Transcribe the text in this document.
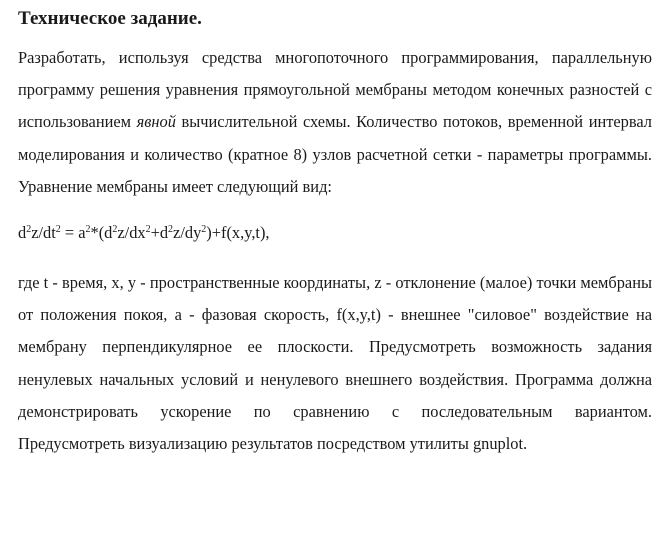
Техническое задание.

Разработать, используя средства многопоточного программирования, параллельную программу решения уравнения прямоугольной мембраны методом конечных разностей с использованием явной вычислительной схемы. Количество потоков, временной интервал моделирования и количество (кратное 8) узлов расчетной сетки - параметры программы. Уравнение мембраны имеет следующий вид:

$d^2z/dt^2 = a^2*(d^2z/dx^2+d^2z/dy^2)+f(x,y,t)$,

где t - время, x, y - пространственные координаты, z - отклонение (малое) точки мембраны от положения покоя, a - фазовая скорость, f(x,y,t) - внешнее "силовое" воздействие на мембрану перпендикулярное ее плоскости. Предусмотреть возможность задания ненулевых начальных условий и ненулевого внешнего воздействия. Программа должна демонстрировать ускорение по сравнению с последовательным вариантом. Предусмотреть визуализацию результатов посредством утилиты gnuplot.
